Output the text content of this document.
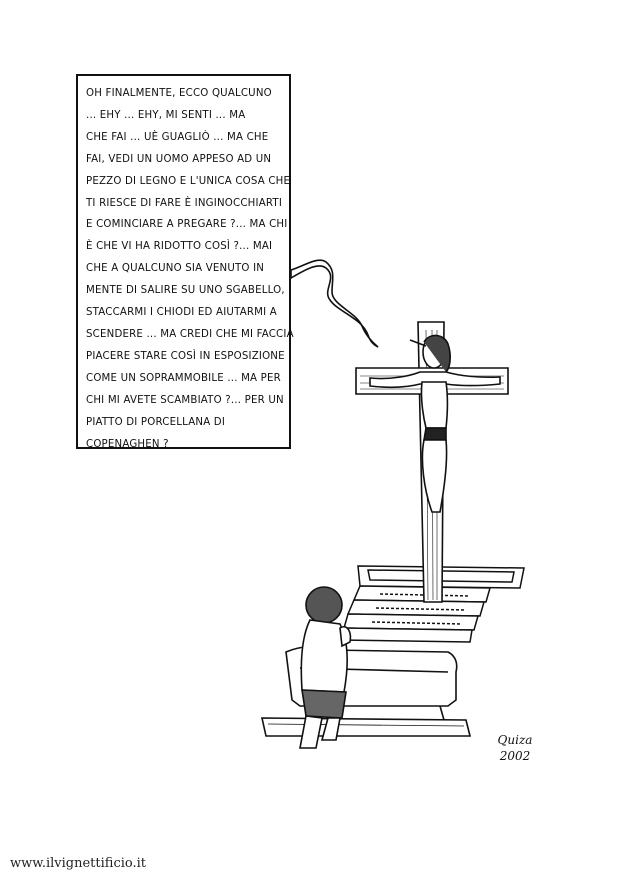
OH FINALMENTE, ECCO QUALCUNO
... EHY ... EHY, MI SENTI ... MA
CHE FAI ... UÈ GUAGLIÒ ... MA CHE
FAI, VEDI UN UOMO APPESO AD UN
PEZZO DI LEGNO E L'UNICA COSA CHE
TI RIESCE DI FARE È INGINOCCHIARTI
E COMINCIARE A PREGARE ?... MA CHI
È CHE VI HA RIDOTTO COSÌ ?... MAI
CHE A QUALCUNO SIA VENUTO IN
MENTE DI SALIRE SU UNO SGABELLO,
STACCARMI I CHIODI ED AIUTARMI A
SCENDERE ... MA CREDI CHE MI FACCIA
PIACERE STARE COSÌ IN ESPOSIZIONE
COME UN SOPRAMMOBILE ... MA PER
CHI MI AVETE SCAMBIATO ?... PER UN
PIATTO DI PORCELLANA DI
COPENAGHEN ?
Quiza
2002
www.ilvignettificio.it
